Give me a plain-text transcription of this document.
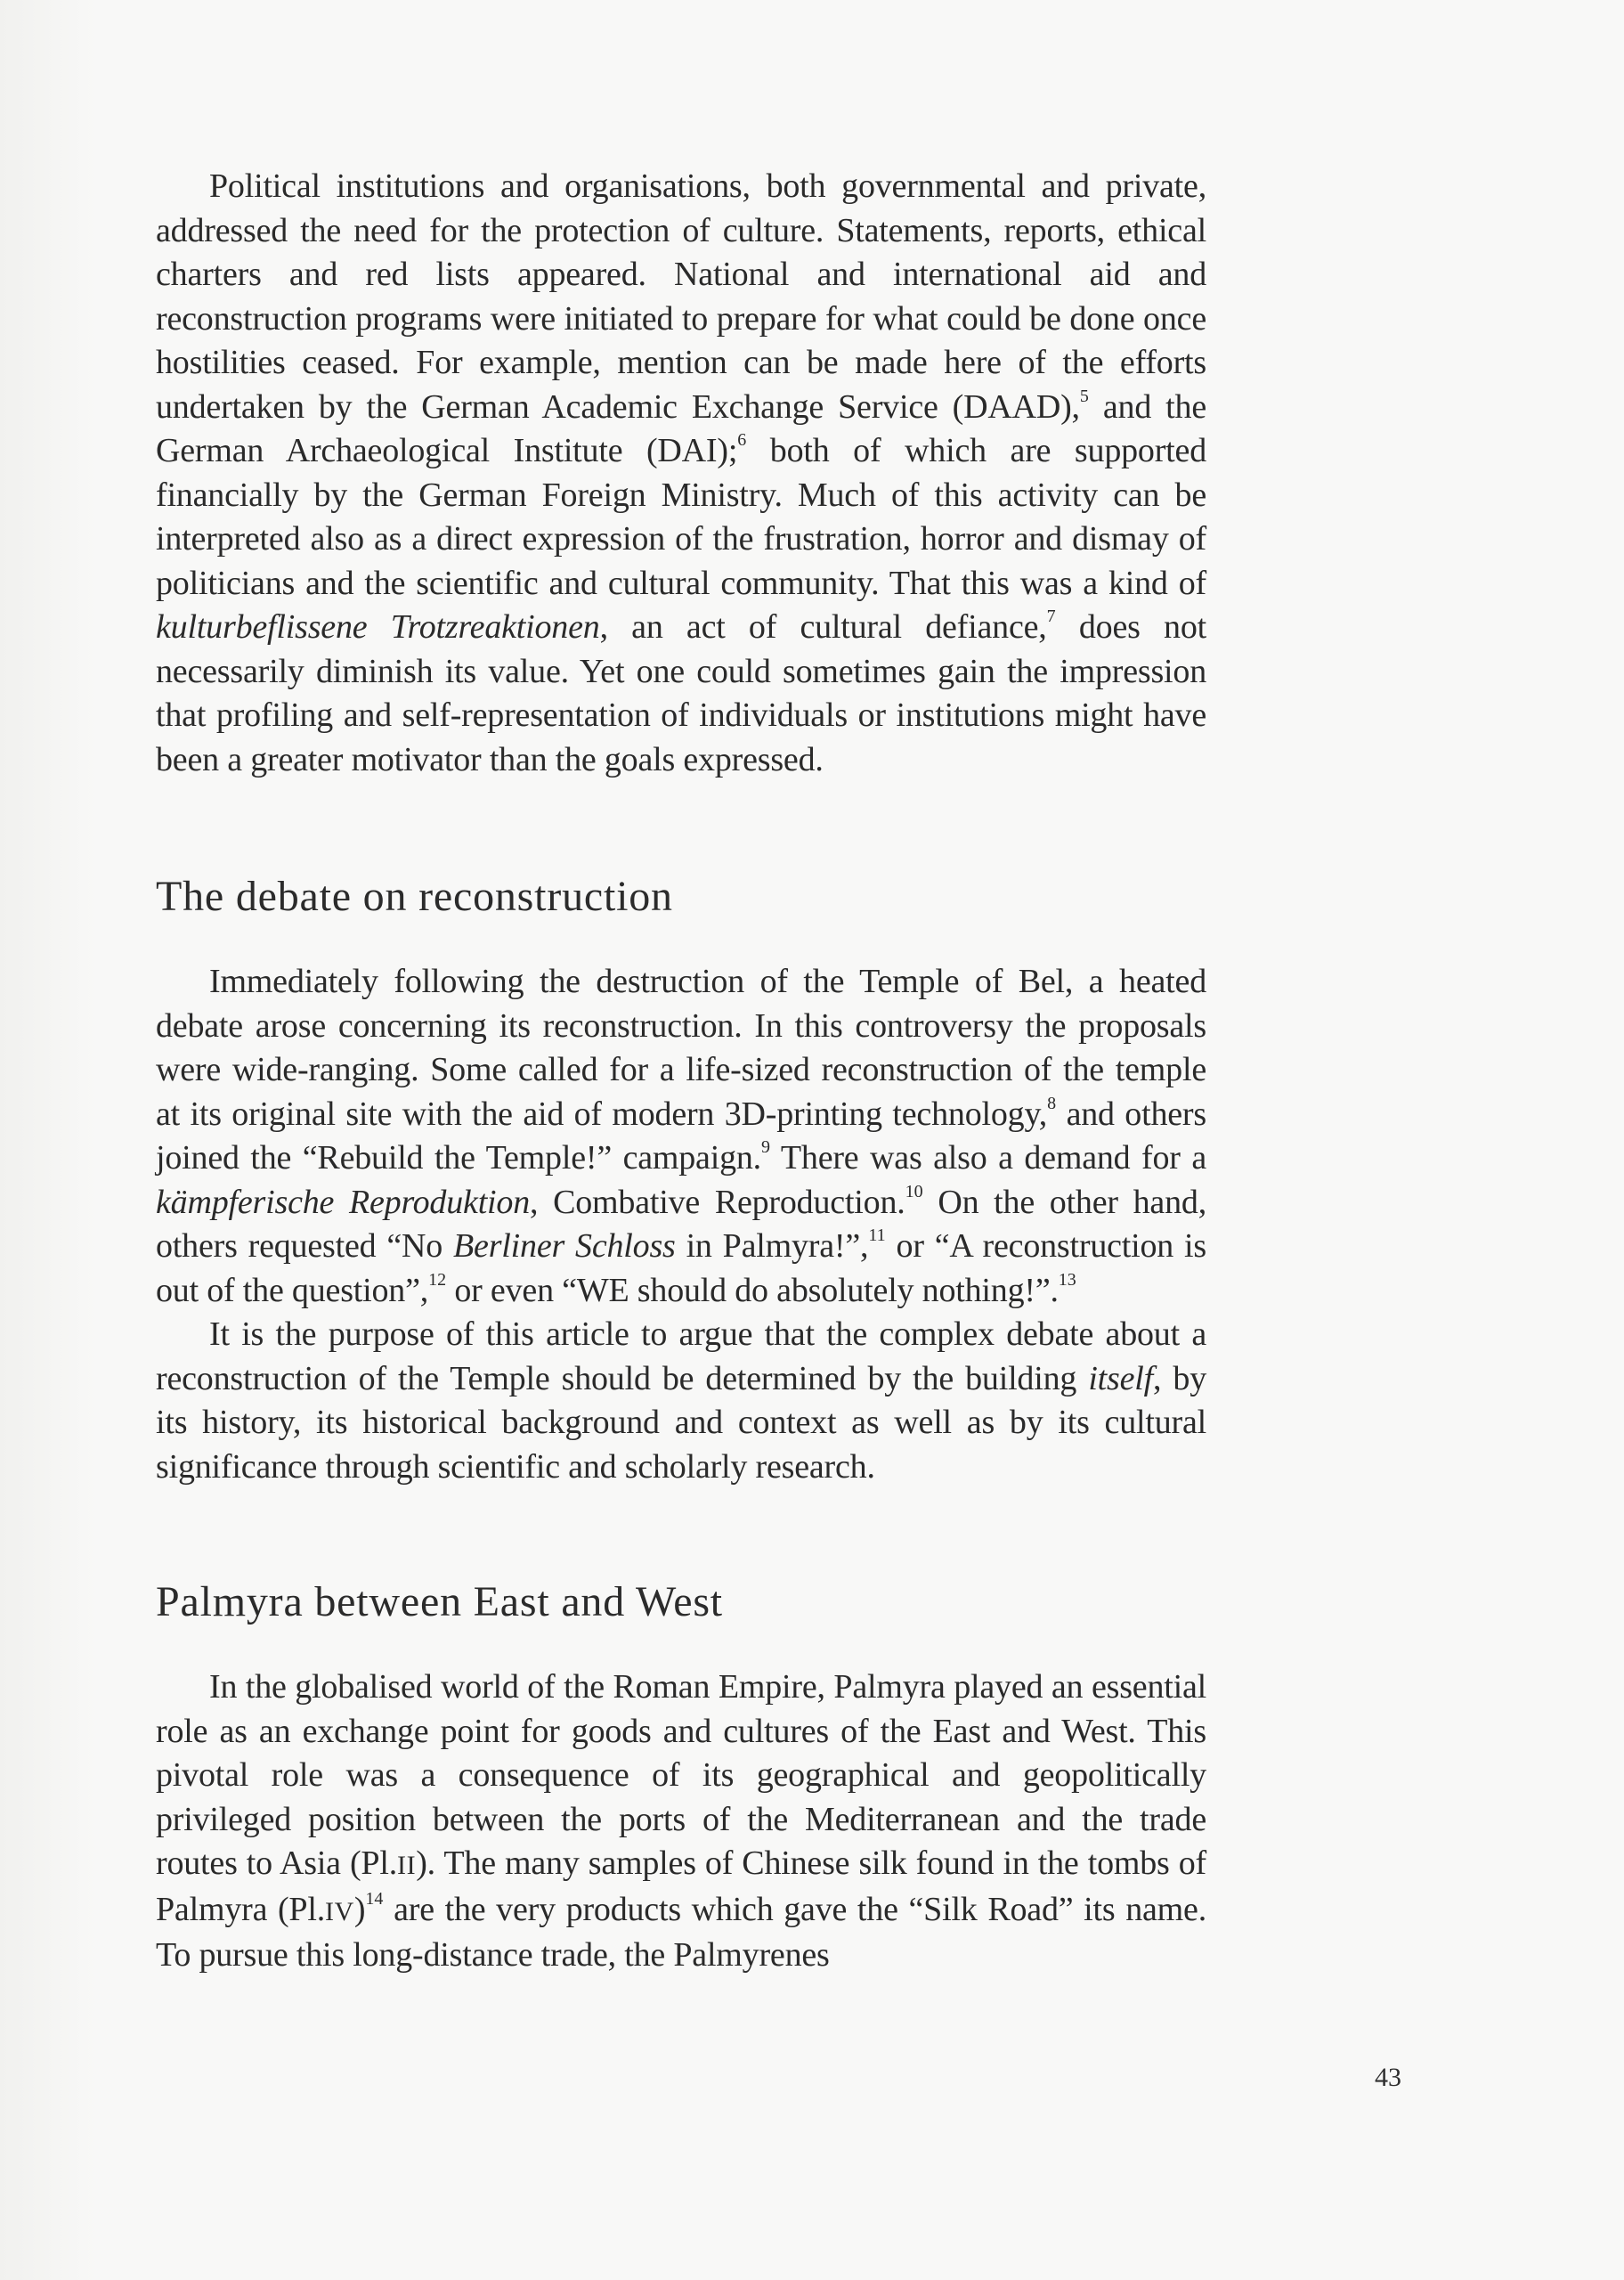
Political institutions and organisations, both governmental and private, addressed the need for the protection of culture. Statements, reports, ethical charters and red lists appeared. National and international aid and reconstruction programs were initiated to prepare for what could be done once hostilities ceased. For example, mention can be made here of the efforts undertaken by the German Academic Exchange Service (DAAD),$^5$ and the German Archaeological Institute (DAI);$^6$ both of which are supported financially by the German Foreign Ministry. Much of this activity can be interpreted also as a direct expression of the frustration, horror and dismay of politicians and the scientific and cultural community. That this was a kind of kulturbeflissene Trotzreaktionen, an act of cultural defiance,$^7$ does not necessarily diminish its value. Yet one could sometimes gain the impression that profiling and self-representation of individuals or institutions might have been a greater motivator than the goals expressed.

The debate on reconstruction

Immediately following the destruction of the Temple of Bel, a heated debate arose concerning its reconstruction. In this controversy the proposals were wide-ranging. Some called for a life-sized reconstruction of the temple at its original site with the aid of modern 3D-printing technology,$^8$ and others joined the “Rebuild the Temple!” campaign.$^9$ There was also a demand for a kämpferische Reproduktion, Combative Reproduction.$^{10}$ On the other hand, others requested “No Berliner Schloss in Palmyra!”,$^{11}$ or “A reconstruction is out of the question”,$^{12}$ or even “WE should do absolutely nothing!”.$^{13}$

It is the purpose of this article to argue that the complex debate about a reconstruction of the Temple should be determined by the building itself, by its history, its historical background and context as well as by its cultural significance through scientific and scholarly research.

Palmyra between East and West

In the globalised world of the Roman Empire, Palmyra played an essential role as an exchange point for goods and cultures of the East and West. This pivotal role was a consequence of its geographical and geopolitically privileged position between the ports of the Mediterranean and the trade routes to Asia (Pl.II). The many samples of Chinese silk found in the tombs of Palmyra $(Pl.IV)^{14}$ are the very products which gave the “Silk Road” its name. To pursue this long-distance trade, the Palmyrenes

43
